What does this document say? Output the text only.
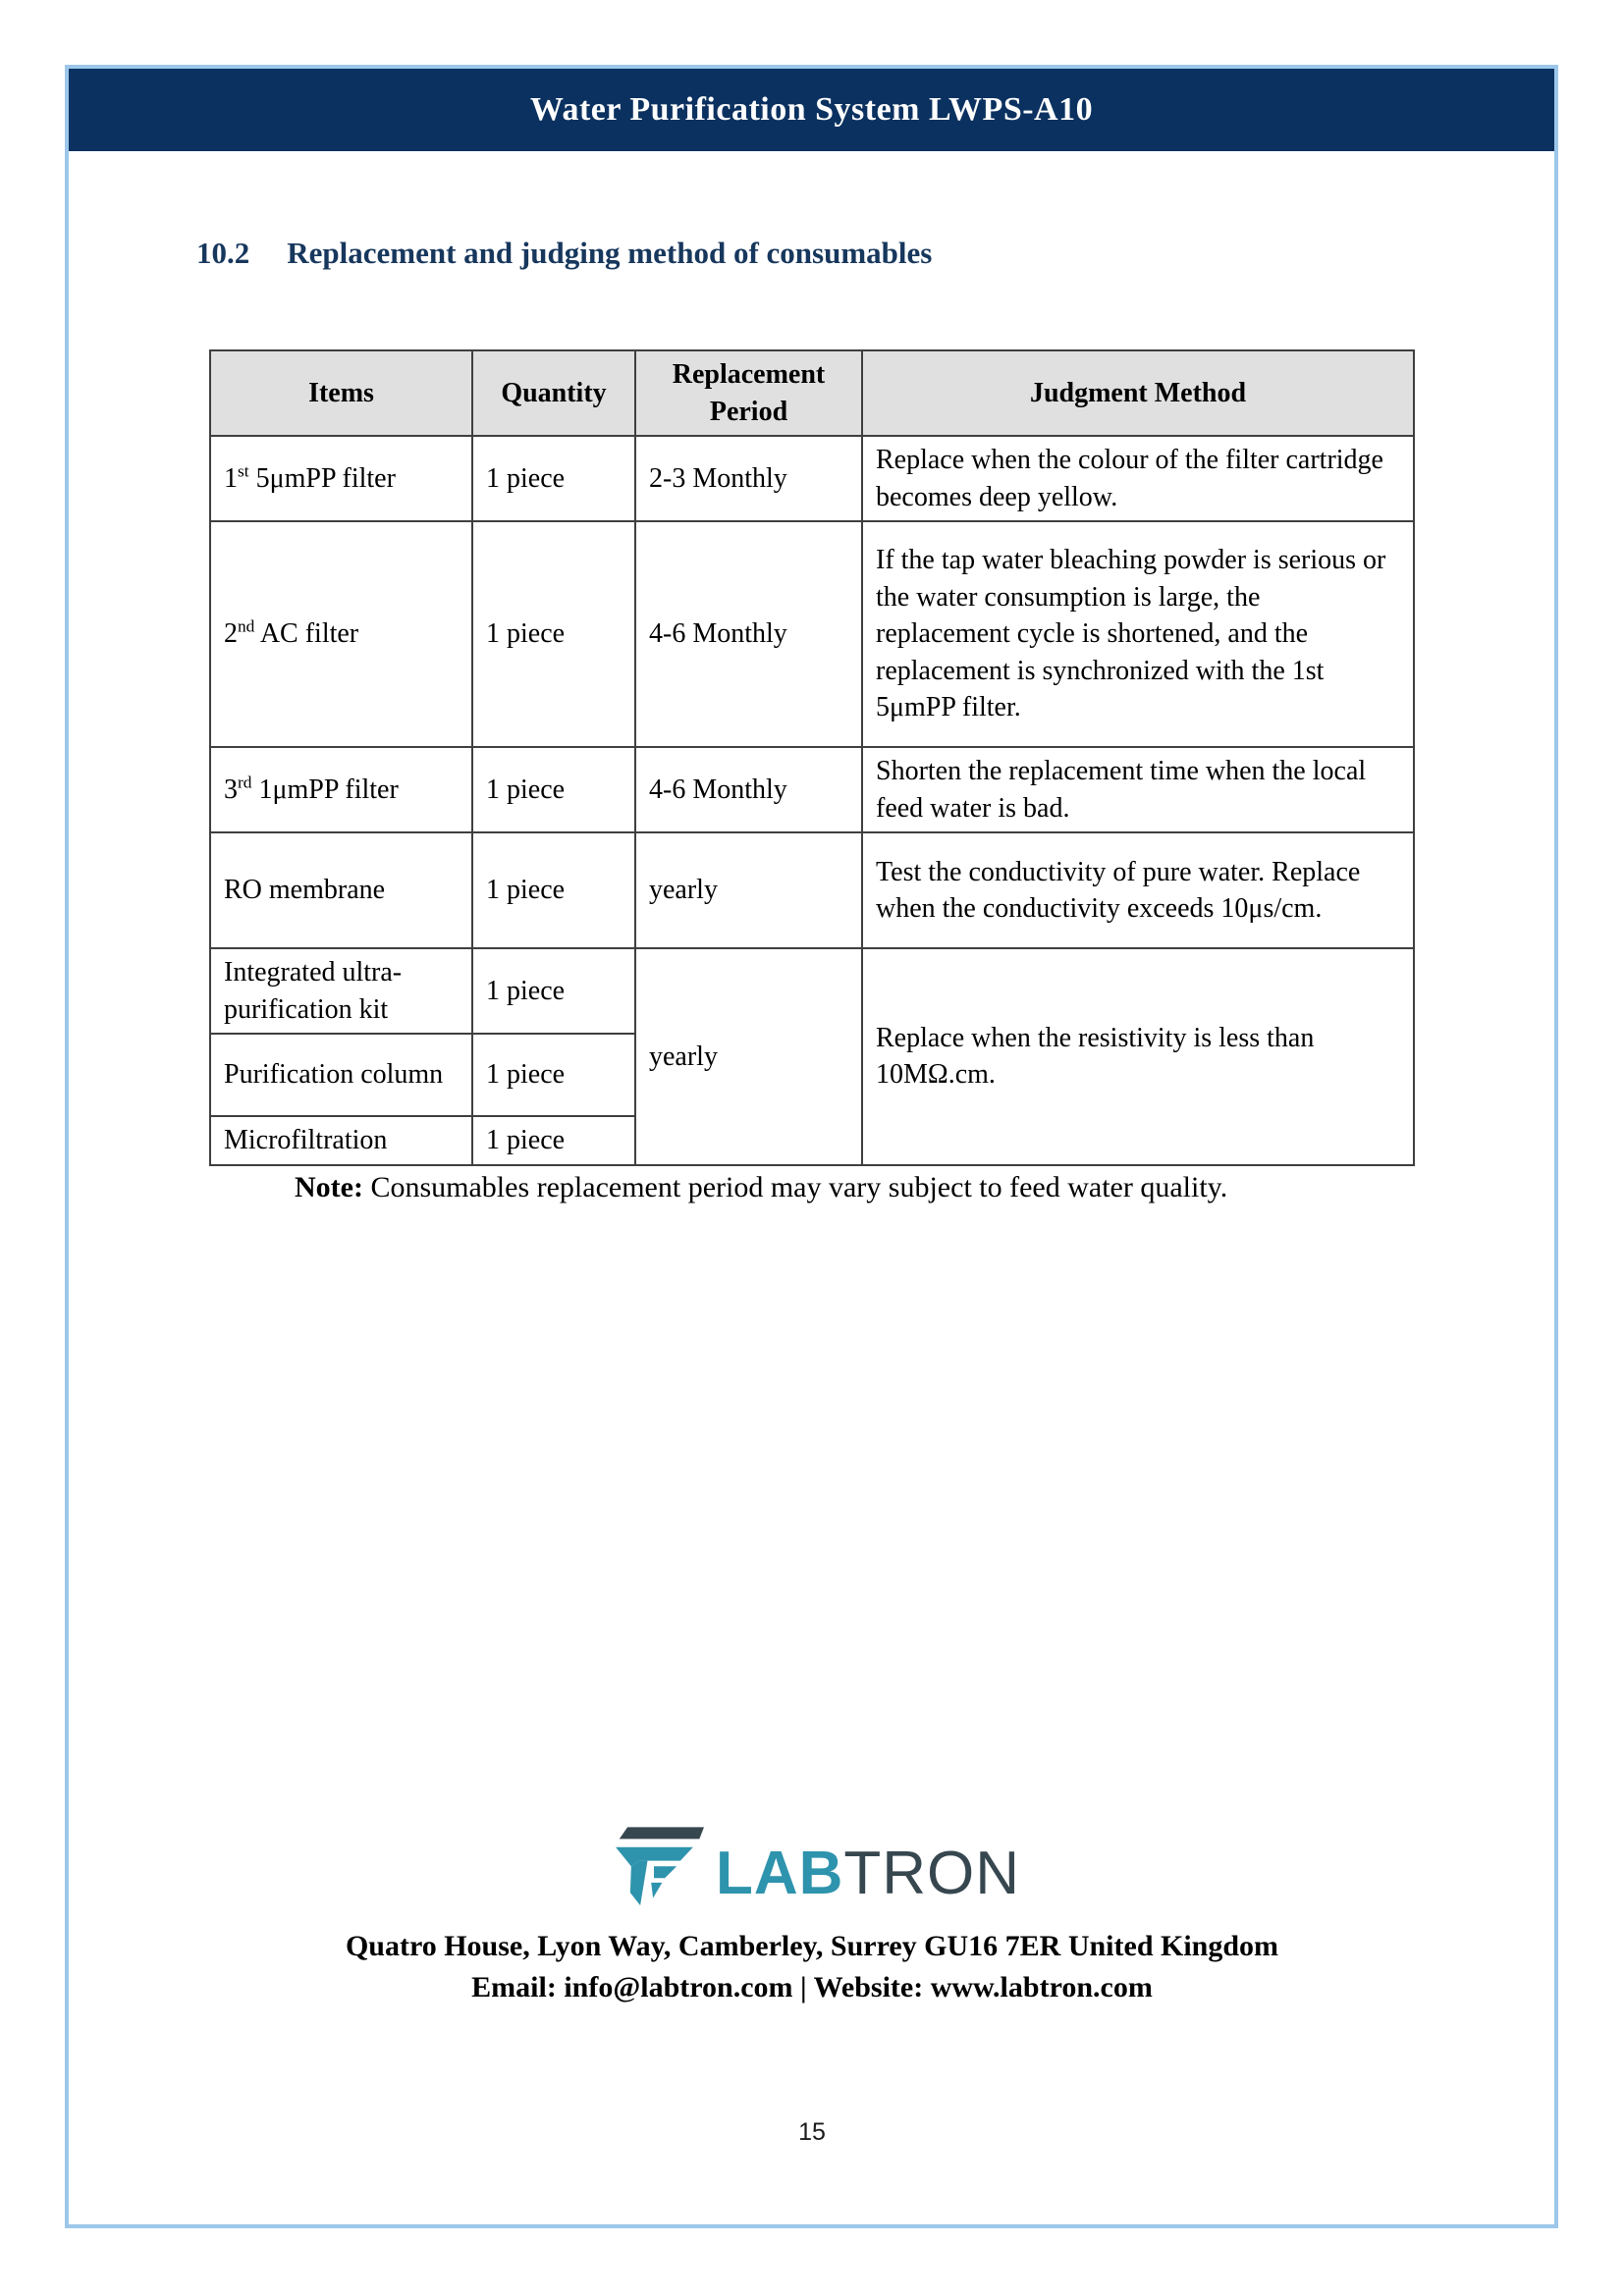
Water Purification System LWPS-A10
10.2 Replacement and judging method of consumables
Items	Quantity	Replacement Period	Judgment Method
1st 5μmPP filter	1 piece	2-3 Monthly	Replace when the colour of the filter cartridge becomes deep yellow.
2nd AC filter	1 piece	4-6 Monthly	If the tap water bleaching powder is serious or the water consumption is large, the replacement cycle is shortened, and the replacement is synchronized with the 1st 5μmPP filter.
3rd 1μmPP filter	1 piece	4-6 Monthly	Shorten the replacement time when the local feed water is bad.
RO membrane	1 piece	yearly	Test the conductivity of pure water. Replace when the conductivity exceeds 10μs/cm.
Integrated ultra-purification kit	1 piece	yearly	Replace when the resistivity is less than 10MΩ.cm.
Purification column	1 piece		
Microfiltration	1 piece		
Note: Consumables replacement period may vary subject to feed water quality.
LABTRON
Quatro House, Lyon Way, Camberley, Surrey GU16 7ER United Kingdom
Email: info@labtron.com | Website: www.labtron.com
15
